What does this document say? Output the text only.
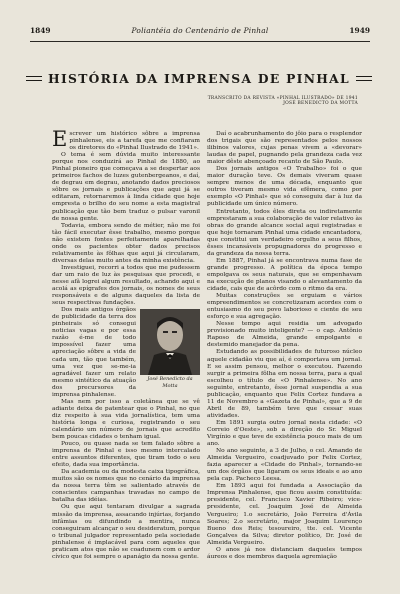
1849	Poliantéia do Centenário de Pinhal	1949
HISTÓRIA DA IMPRENSA DE PINHAL
TRANSCRITO DA REVISTA «PINHAL ILUSTRADO» DE 1941
JOSÉ BENEDICTO DA MOTTA

Escrever um histórico sôbre a imprensa pinhalense, eis a tarefa que me confiaram os diretores do «Pinhal Ilustrado de 1941».

O tema é sem dúvida muito interessante porque nos conduzirá ao Pinhal de 1880, ao Pinhal pioneiro que começava a se despertar aos primeiros fachos de luzes gutenbergeanos, e daí, de degrau em degrau, anotando dados preciosos sôbre os jornais e publicações que aqui já se editaram, retornaremos à linda cidade que hoje empresta o brilho do seu nome a esta magistral publicação que tão bem traduz o pulsar varonil de nossa gente.

Todavia, embora sendo de métier, não me foi tão fácil executar êsse trabalho, mesmo porque não existem fontes perfeitamente aparelhadas onde os pacientes obter dados precisos relativamente às fôlhas que aqui já circularam, diversas delas muito antes da minha existência.

Investiguei, recorri a todos que me pudessem dar um raio de luz às pesquisas que procedi, e nesse afã logrei algum resultado, achando aqui e acolá as epígrafes dos jornais, os nomes de seus responsáveis e de alguns daqueles da lista de seus respectivas fundações.

José Benedicto da Motta

Dos mais antigos órgãos de publicidade da terra dos pinheirais só consegui noticias vagas e por essa razão é-me de todo impossível fazer uma apreciação sôbre a vida de cada um, tão que também, uma vez que se-me-ia agradável fazer um relato mesmo sintético da atuação dos precursores da imprensa pinhalense.

Mas nem por isso a coletânea que se vê adiante deixa de patentear que o Pinhal, no que diz respeito à sua vida jornalística, tem uma história longa e curiosa, registrando o seu calendário um número de jornais que acredito bem poucas cidades o tenham igual.

Pouco, ou quase nada se tem falado sôbre a imprensa de Pinhal e isso mesmo intercalado entre assuntos diferentes, que tiram todo o seu efeito, dada sua importância.

Da academia ou da modesta caixa tipográfica, muitos são os nomes que no cenário da imprensa da nossa terra têm se salientado através de conscientes campanhas travadas no campo de batalha das idéias.

Ou que aqui tentaram divulgar a sagrada missão da imprensa, assacando injúrias, forjando infâmias ou difundindo a mentira, nunca conseguiram alcançar o seu desideratum, porque o tribunal julgador representado pela sociedade pinhalense é implacável para com aqueles que praticam atos que não se coadunem com o ardor cívico que foi sempre o apanágio da nossa gente.

Daí o acabrunhamento do jôio para o resplendor dos trigais que são representados pelos nossos ilibinos valores, cujas penas vivem a «devorar» laudas de papel, pugnando pela grandeza cada vez maior dêste abençoado recanto de São Paulo.

Dos jornais antigos «O Trabalho» foi o que maior duração teve. Os demais viveram quase sempre menos de uma década, enquanto que outros tiveram mesmo vida efêmera, como por exemplo «O Pinhal» que só conseguiu dar à luz da publicidade um único número.

Entretanto, todos êles direta ou indiretamente emprestaram a sua colaboração de valor relativo às obras do grande alcance social aqui registradas e que hoje tornaram Pinhal uma cidade encantadora, que constitui um verdadeiro orgulho a seus filhos, êsses incansáveis propugnadores do progresso e da grandeza da nossa terra.

Em 1887, Pinhal já se encontrava numa fase de grande progresso. A política da época tempo empolgava os seus naturais, que se empenhavam na execução de planos visando o alevantamento da cidade, cais que de acôrdo com o ritmo da era.

Muitas construções se erguiam e vários empreendimentos se concretizaram acordes com o entusiasmo do seu povo laborioso e ciente de seu esforço e sua agregação.

Nesse tempo aqui residia um advogado provisionado muito inteligente? — o cap. Antônio Raposo de Almeida, grande empolgante e destemido manejador da pena.

Estudando as possibilidades de futuroso núcleo aquele cidadão viu que aí, é comportava um jornal. E se assim pensou, melhor o executou. Fazendo surgir a primeira fôlha em nossa terra, para a qual escolheu o título de «O Pinhalense». No ano seguinte, entretanto, êsse jornal suspendia a sua publicação, enquanto que Felix Cortez fundava a 11 de Novembro a «Gazeta de Pinhal», que a 9 de Abril de 89, também teve que cessar suas atividades.

Em 1891 surgia outro jornal nesta cidade: «O Correio d'Oeste», sob a direção do Sr. Miguel Virgínio e que teve de existência pouco mais de um ano.

No ano seguinte, a 3 de Julho, o cel. Amando de Almeida Vergueiro, coadjuvado por Felix Cortez, fazia aparecer a «Cidade do Pinhal», tornando-se um dos órgãos que ligaram os seus ideais e ao ano pela cap. Pacheco Leesa.

Em 1893 aqui foi fundada a Associação da Imprensa Pinhalense, que ficou assim constituída: presidente, cel. Francisco Xavier Ribeiro; vice-presidente, cel. Joaquim José de Almeida Vergueiro; 1.o secretário, João Ferreira d'Ávila Soares; 2.o secretário, major Joaquim Lourenço Bueno dos Reis; tesoureiro, tte. cel. Vicente Gonçalves da Silva; diretor político, Dr. José de Almeida Vergueiro.

O anos já nos distanciam daqueles tempos áureos e dos membros daquela agremiação
